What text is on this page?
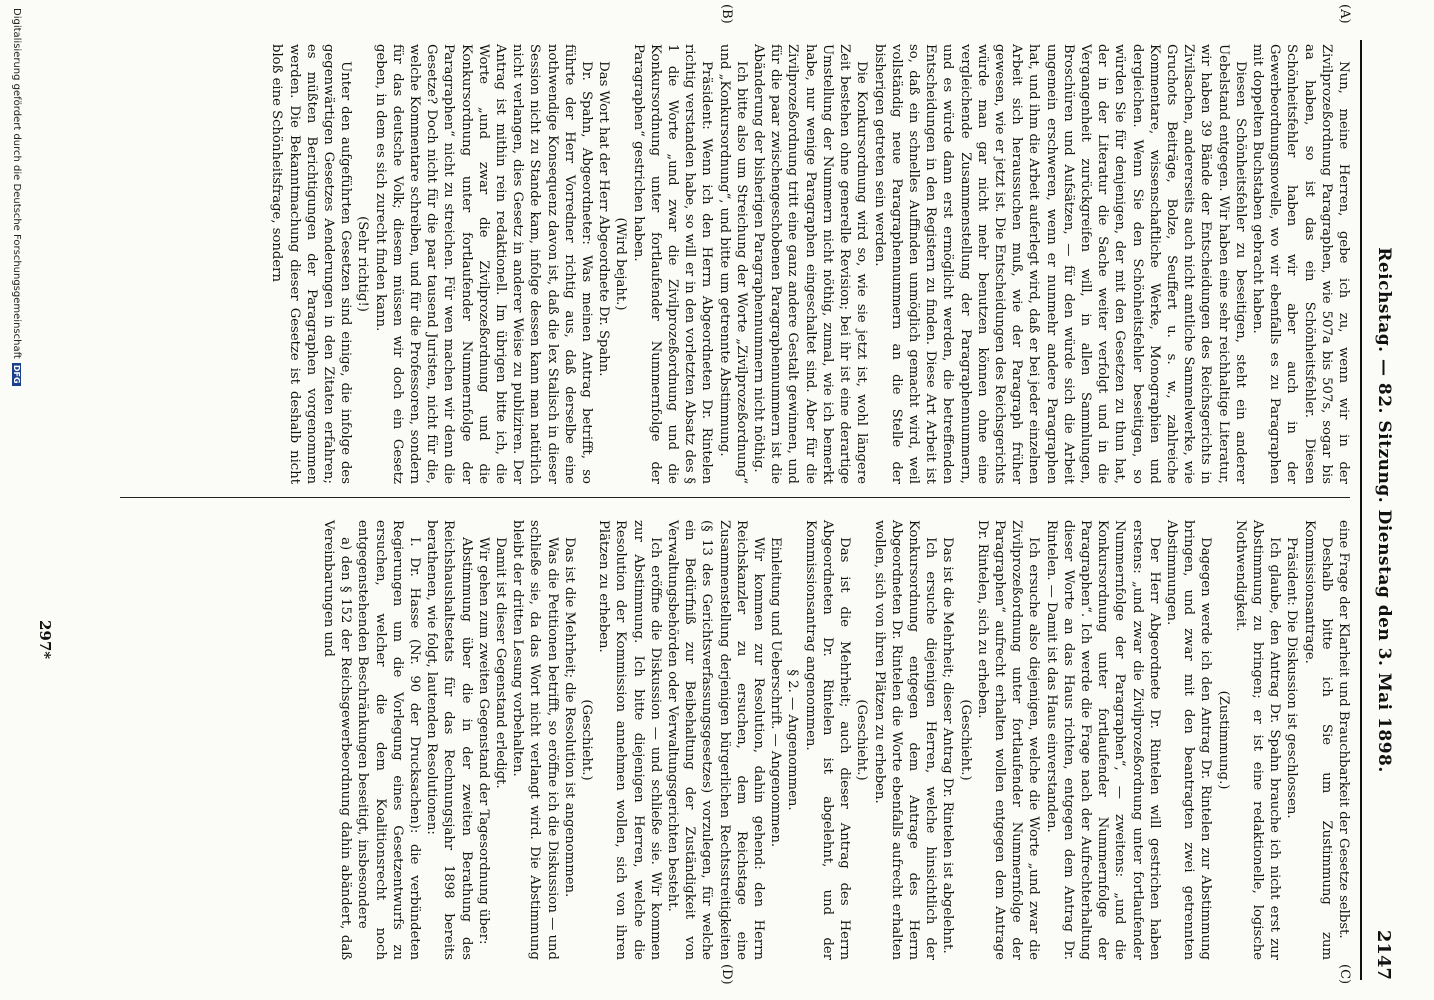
Reichstag. — 82. Sitzung. Dienstag den 3. Mai 1898.
2147
(A)
(B)
(C)
(D)

Nun, meine Herren, gebe ich zu, wenn wir in der Zivilprozeßordnung Paragraphen, wie 507a bis 507s, sogar bis aa haben, so ist das ein Schönheitsfehler. Diesen Schönheitsfehler haben wir aber auch in der Gewerbeordnungsnovelle, wo wir ebenfalls es zu Paragraphen mit doppelten Buchstaben gebracht haben.

Diesen Schönheitsfehler zu beseitigen, steht ein anderer Uebelstand entgegen. Wir haben eine sehr reichhaltige Literatur, wir haben 39 Bände der Entscheidungen des Reichsgerichts in Zivilsachen, andererseits auch nicht amtliche Sammelwerke, wie Gruchots Beiträge, Bolze, Seuffert u. s. w., zahlreiche Kommentare, wissenschaftliche Werke, Monographien und dergleichen. Wenn Sie den Schönheitsfehler beseitigen, so würden Sie für denjenigen, der mit den Gesetzen zu thun hat, der in der Literatur die Sache weiter verfolgt und in die Vergangenheit zurückgreifen will, in allen Sammlungen, Broschüren und Aufsätzen, — für den würde sich die Arbeit ungemein erschweren, wenn er nunmehr andere Paragraphen hat, und ihm die Arbeit auferlegt wird, daß er bei jeder einzelnen Arbeit sich heraussuchen muß, wie der Paragraph früher gewesen, wie er jetzt ist. Die Entscheidungen des Reichsgerichts würde man gar nicht mehr benutzen können ohne eine vergleichende Zusammenstellung der Paragraphennummern, und es würde dann erst ermöglicht werden, die betreffenden Entscheidungen in den Registern zu finden. Diese Art Arbeit ist so, daß ein schnelles Auffinden unmöglich gemacht wird, weil vollständig neue Paragraphennummern an die Stelle der bisherigen getreten sein werden.

Die Konkursordnung wird so, wie sie jetzt ist, wohl längere Zeit bestehen ohne generelle Revision; bei ihr ist eine derartige Umstellung der Nummern nicht nöthig, zumal, wie ich bemerkt habe, nur wenige Paragraphen eingeschaltet sind. Aber für die Zivilprozeßordnung tritt eine ganz andere Gestalt gewinnen, und für die paar zwischengeschobenen Paragraphennummern ist die Abänderung der bisherigen Paragraphennummern nicht nöthig.

Ich bitte also um Streichung der Worte „Zivilprozeßordnung“ und „Konkursordnung“, und bitte um getrennte Abstimmung.

Präsident: Wenn ich den Herrn Abgeordneten Dr. Rintelen richtig verstanden habe, so will er in den vorletzten Absatz des § 1 die Worte „und zwar die Zivilprozeßordnung und die Konkursordnung unter fortlaufender Nummernfolge der Paragraphen“ gestrichen haben.

(Wird bejaht.)

Das Wort hat der Herr Abgeordnete Dr. Spahn.

Dr. Spahn, Abgeordneter: Was meinen Antrag betrifft, so führte der Herr Vorredner richtig aus, daß derselbe eine nothwendige Konsequenz davon ist, daß die lex Stalisch in dieser Session nicht zu Stande kam, infolge dessen kann man natürlich nicht verlangen, dies Gesetz in anderer Weise zu publiziren. Der Antrag ist mithin rein redaktionell. Im übrigen bitte ich, die Worte „und zwar die Zivilprozeßordnung und die Konkursordnung unter fortlaufender Nummernfolge der Paragraphen“ nicht zu streichen. Für wen machen wir denn die Gesetze? Doch nicht für die paar tausend Juristen, nicht für die, welche Kommentare schreiben, und für die Professoren, sondern für das deutsche Volk; diesem müssen wir doch ein Gesetz geben, in dem es sich zurecht finden kann.

(Sehr richtig!)

Unter den aufgeführten Gesetzen sind einige, die infolge des gegenwärtigen Gesetzes Aenderungen in den Zitaten erfahren; es müßten Berichtigungen der Paragraphen vorgenommen werden. Die Bekanntmachung dieser Gesetze ist deshalb nicht bloß eine Schönheitsfrage, sondern

eine Frage der Klarheit und Brauchbarkeit der Gesetze selbst.

Deshalb bitte ich Sie um Zustimmung zum Kommissionsantrage.

Präsident: Die Diskussion ist geschlossen.

Ich glaube, den Antrag Dr. Spahn brauche ich nicht erst zur Abstimmung zu bringen; er ist eine redaktionelle, logische Nothwendigkeit.

(Zustimmung.)

Dagegen werde ich den Antrag Dr. Rintelen zur Abstimmung bringen, und zwar mit den beantragten zwei getrennten Abstimmungen.

Der Herr Abgeordnete Dr. Rintelen will gestrichen haben erstens: „und zwar die Zivilprozeßordnung unter fortlaufender Nummernfolge der Paragraphen“, — zweitens: „und die Konkursordnung unter fortlaufender Nummernfolge der Paragraphen“. Ich werde die Frage nach der Aufrechterhaltung dieser Worte an das Haus richten, entgegen dem Antrag Dr. Rintelen. — Damit ist das Haus einverstanden.

Ich ersuche also diejenigen, welche die Worte „und zwar die Zivilprozeßordnung unter fortlaufender Nummernfolge der Paragraphen“ aufrecht erhalten wollen entgegen dem Antrage Dr. Rintelen, sich zu erheben.

(Geschieht.)

Das ist die Mehrheit; dieser Antrag Dr. Rintelen ist abgelehnt.

Ich ersuche diejenigen Herren, welche hinsichtlich der Konkursordnung entgegen dem Antrage des Herrn Abgeordneten Dr. Rintelen die Worte ebenfalls aufrecht erhalten wollen, sich von ihren Plätzen zu erheben.

(Geschieht.)

Das ist die Mehrheit; auch dieser Antrag des Herrn Abgeordneten Dr. Rintelen ist abgelehnt, und der Kommissionsantrag angenommen.

§ 2. — Angenommen.

Einleitung und Ueberschrift. — Angenommen.

Wir kommen zur Resolution, dahin gehend: den Herrn Reichskanzler zu ersuchen, dem Reichstage eine Zusammenstellung derjenigen bürgerlichen Rechtsstreitigkeiten (§ 13 des Gerichtsverfassungsgesetzes) vorzulegen, für welche ein Bedürfniß zur Beibehaltung der Zuständigkeit von Verwaltungsbehörden oder Verwaltungsgerichten besteht.

Ich eröffne die Diskussion — und schließe sie. Wir kommen zur Abstimmung. Ich bitte diejenigen Herren, welche die Resolution der Kommission annehmen wollen, sich von ihren Plätzen zu erheben.

(Geschieht.)

Das ist die Mehrheit; die Resolution ist angenommen.

Was die Petitionen betrifft, so eröffne ich die Diskussion — und schließe sie, da das Wort nicht verlangt wird. Die Abstimmung bleibt der dritten Lesung vorbehalten.

Damit ist dieser Gegenstand erledigt.

Wir gehen zum zweiten Gegenstand der Tagesordnung über:

Abstimmung über die in der zweiten Berathung des Reichshaushaltsetats für das Rechnungsjahr 1898 bereits berathenen, wie folgt, lautenden Resolutionen:

I. Dr. Hasse (Nr. 90 der Drucksachen): die verbündeten Regierungen um die Vorlegung eines Gesetzentwurfs zu ersuchen, welcher die dem Koalitionsrecht noch entgegenstehenden Beschränkungen beseitigt, insbesondere

a) den § 152 der Reichsgewerbeordnung dahin abändert, daß Vereinbarungen und

297*
Digitalisierung gefördert durch die Deutsche ForschungsgemeinschaftDFG
